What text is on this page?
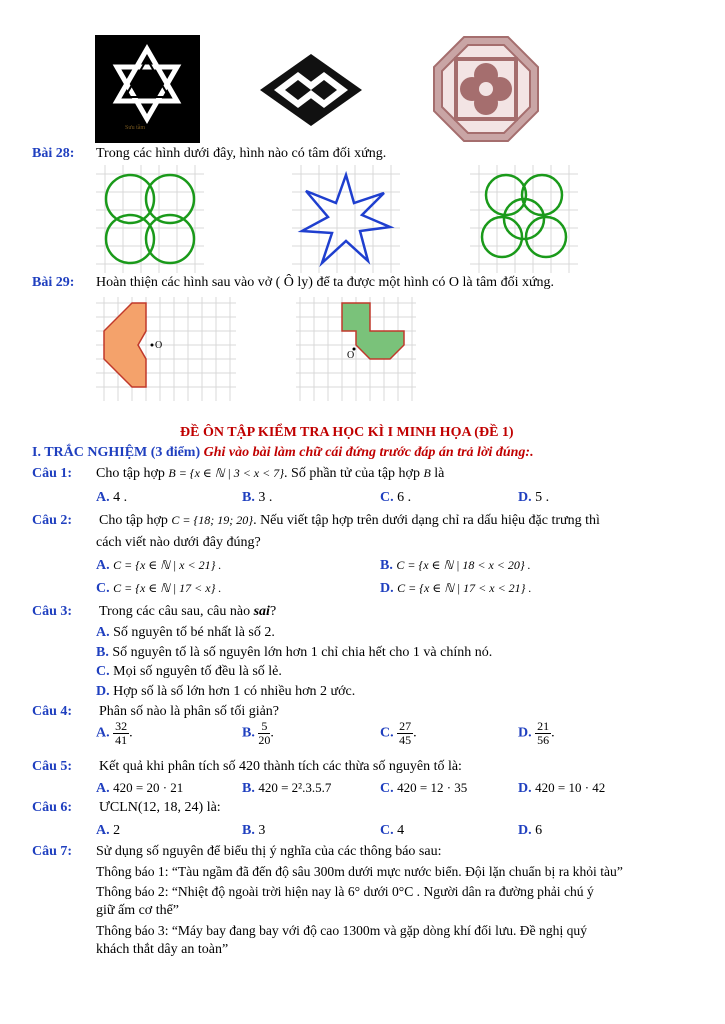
Sưu tầm
Bài 28: Trong các hình dưới đây, hình nào có tâm đối xứng.
Bài 29: Hoàn thiện các hình sau vào vở ( Ô ly) để ta được một hình có O là tâm đối xứng.
O
O
ĐỀ ÔN TẬP KIỂM TRA HỌC KÌ I MINH HỌA (ĐỀ 1)
I. TRẮC NGHIỆM (3 điểm) Ghi vào bài làm chữ cái đứng trước đáp án trả lời đúng:.
Câu 1: Cho tập hợp B = {x ∈ ℕ | 3 < x < 7}. Số phần tử của tập hợp B là
A. 4 .	B. 3 .	C. 6 .	D. 5 .
Câu 2: Cho tập hợp C = {18; 19; 20}. Nếu viết tập hợp trên dưới dạng chỉ ra dấu hiệu đặc trưng thì
cách viết nào dưới đây đúng?
A. C = {x ∈ ℕ | x < 21} .	B. C = {x ∈ ℕ | 18 < x < 20} .
C. C = {x ∈ ℕ | 17 < x} .	D. C = {x ∈ ℕ | 17 < x < 21} .
Câu 3: Trong các câu sau, câu nào sai?
A. Số nguyên tố bé nhất là số 2.
B. Số nguyên tố là số nguyên lớn hơn 1 chỉ chia hết cho 1 và chính nó.
C. Mọi số nguyên tố đều là số lẻ.
D. Hợp số là số lớn hơn 1 có nhiều hơn 2 ước.
Câu 4: Phân số nào là phân số tối giản?
A. $\frac{32}{41}$ .	B. $\frac{5}{20}$ .	C. $\frac{27}{45}$ .	D. $\frac{21}{56}$ .
Câu 5: Kết quả khi phân tích số 420 thành tích các thừa số nguyên tố là:
A. 420 = 20 · 21	B. 420 = 2².3.5.7	C. 420 = 12 · 35	D. 420 = 10 · 42
Câu 6: ƯCLN(12, 18, 24) là:
A. 2	B. 3	C. 4	D. 6
Câu 7: Sử dụng số nguyên để biểu thị ý nghĩa của các thông báo sau:
Thông báo 1: “Tàu ngầm đã đến độ sâu 300m dưới mực nước biển. Đội lặn chuẩn bị ra khỏi tàu”
Thông báo 2: “Nhiệt độ ngoài trời hiện nay là 6° dưới 0°C . Người dân ra đường phải chú ý
giữ ấm cơ thể”
Thông báo 3: “Máy bay đang bay với độ cao 1300m và gặp dòng khí đối lưu. Đề nghị quý
khách thắt dây an toàn”
